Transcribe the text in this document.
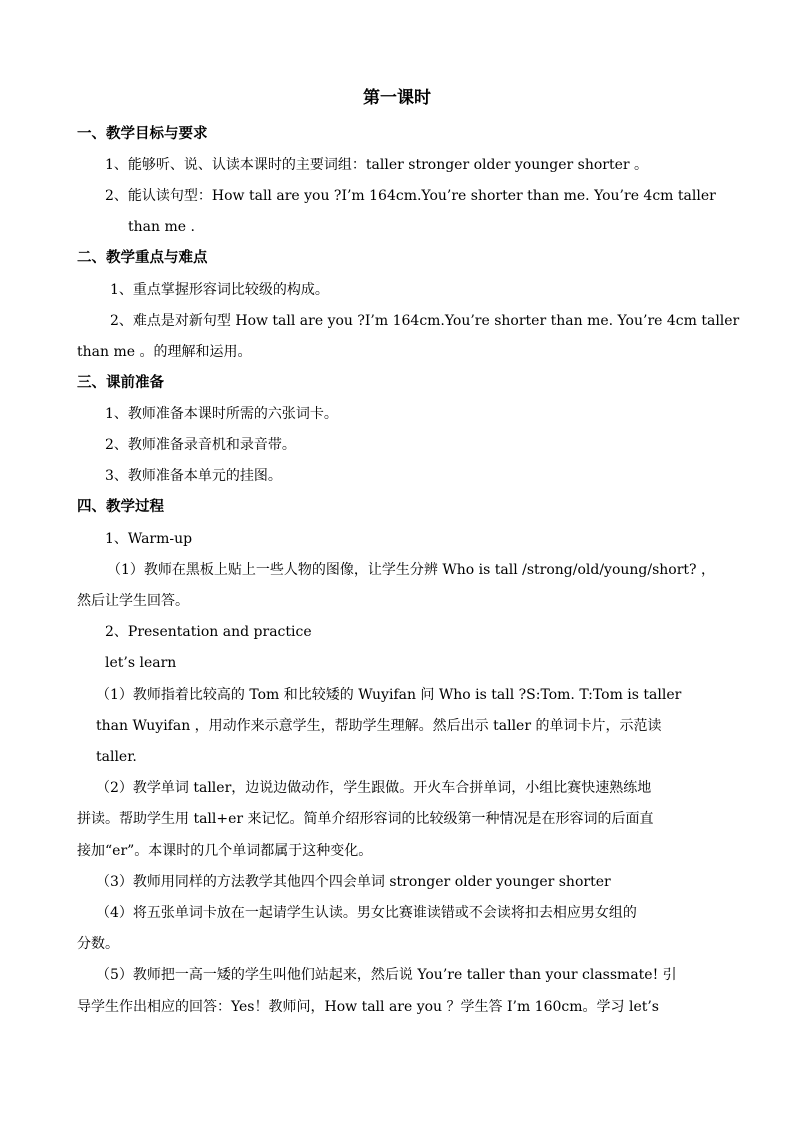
第一课时
一、教学目标与要求
1、能够听、说、认读本课时的主要词组：taller stronger older younger shorter 。
2、能认读句型：How tall are you ?I’m 164cm.You’re shorter than me. You’re 4cm taller
than me .
二、教学重点与难点
1、重点掌握形容词比较级的构成。
2、难点是对新句型 How tall are you ?I’m 164cm.You’re shorter than me. You’re 4cm taller
than me 。的理解和运用。
三、课前准备
1、教师准备本课时所需的六张词卡。
2、教师准备录音机和录音带。
3、教师准备本单元的挂图。
四、教学过程
1、Warm-up
（1）教师在黑板上贴上一些人物的图像，让学生分辨 Who is tall /strong/old/young/short? ，
然后让学生回答。
2、Presentation and practice
let’s learn
（1）教师指着比较高的 Tom 和比较矮的 Wuyifan 问 Who is tall ?S:Tom. T:Tom is taller
than Wuyifan ，用动作来示意学生，帮助学生理解。然后出示 taller 的单词卡片，示范读
taller.
（2）教学单词 taller，边说边做动作，学生跟做。开火车合拼单词，小组比赛快速熟练地
拼读。帮助学生用 tall+er 来记忆。简单介绍形容词的比较级第一种情况是在形容词的后面直
接加“er”。本课时的几个单词都属于这种变化。
（3）教师用同样的方法教学其他四个四会单词 stronger older younger shorter
（4）将五张单词卡放在一起请学生认读。男女比赛谁读错或不会读将扣去相应男女组的
分数。
（5）教师把一高一矮的学生叫他们站起来，然后说 You’re taller than your classmate! 引
导学生作出相应的回答：Yes！教师问，How tall are you ？学生答 I’m 160cm。学习 let’s
